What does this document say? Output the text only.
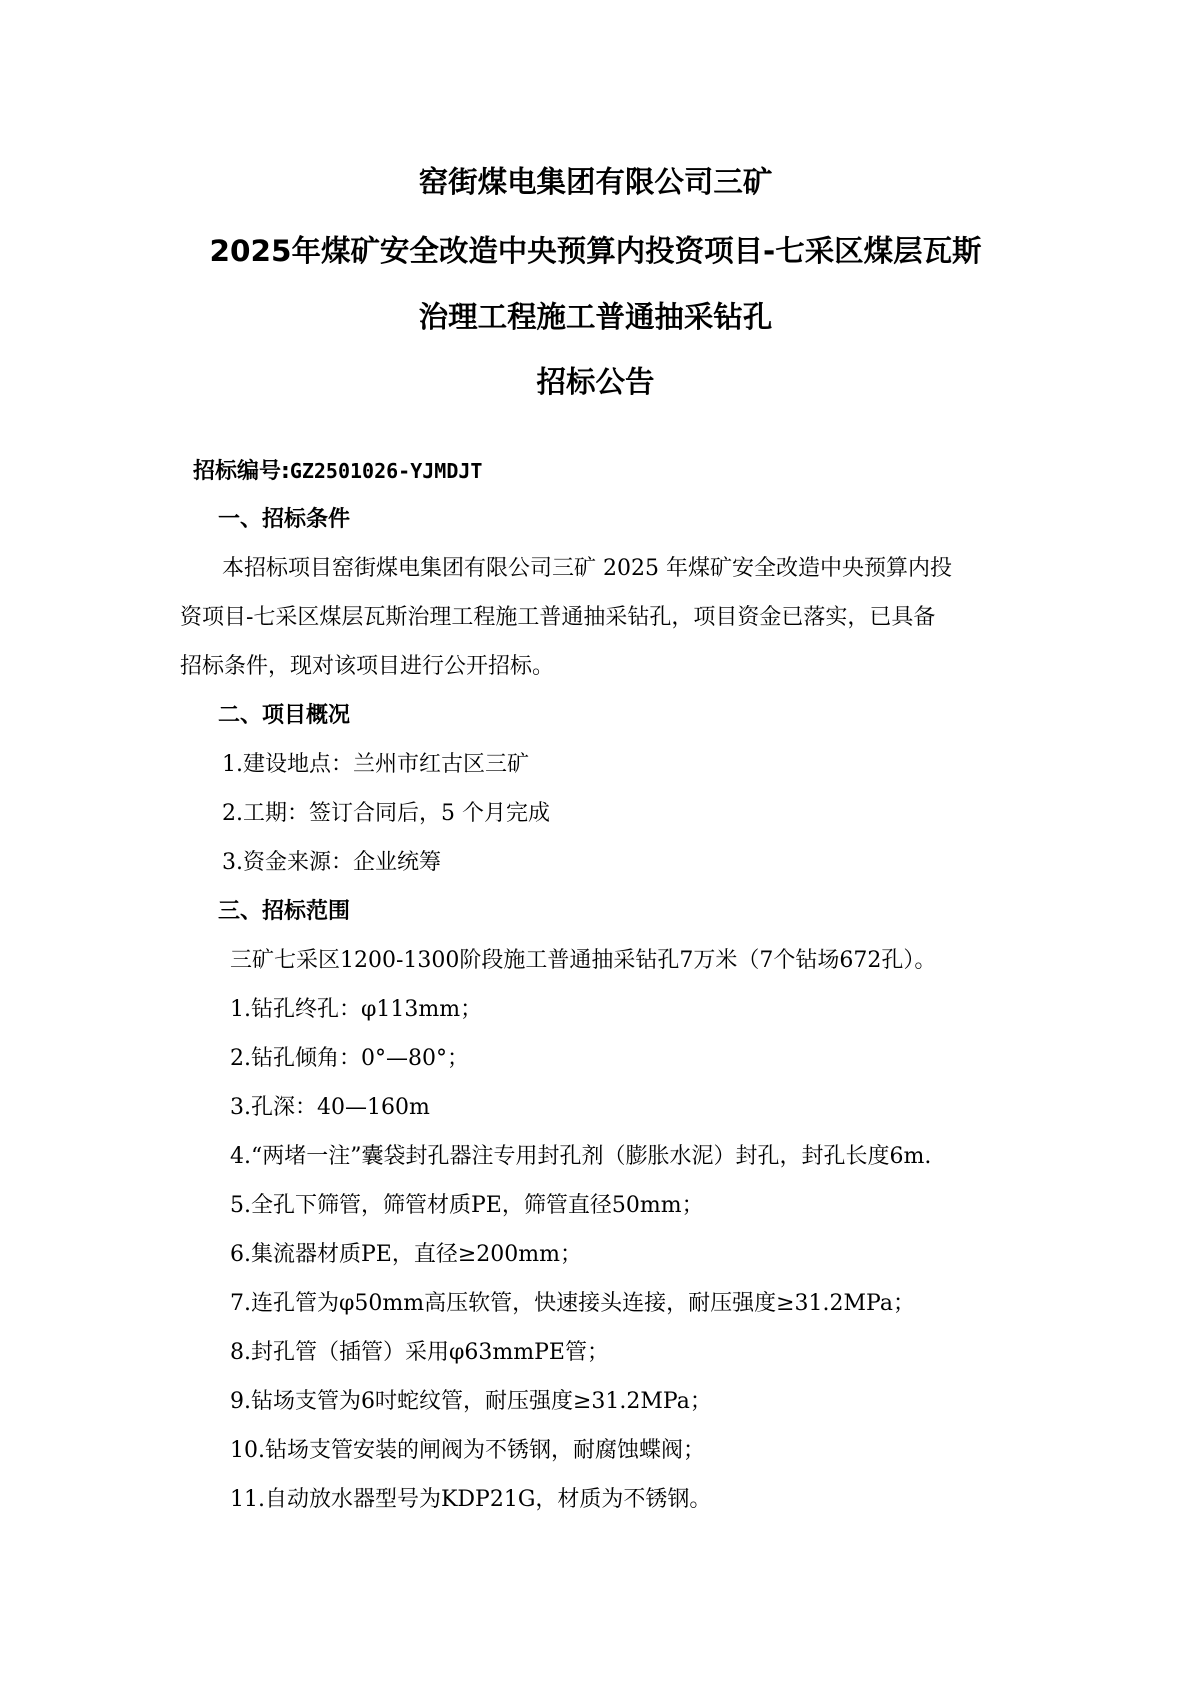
窑街煤电集团有限公司三矿
2025年煤矿安全改造中央预算内投资项目-七采区煤层瓦斯
治理工程施工普通抽采钻孔
招标公告
招标编号:GZ2501026-YJMDJT
一、招标条件
本招标项目窑街煤电集团有限公司三矿 2025 年煤矿安全改造中央预算内投
资项目-七采区煤层瓦斯治理工程施工普通抽采钻孔，项目资金已落实，已具备
招标条件，现对该项目进行公开招标。
二、项目概况
1.建设地点：兰州市红古区三矿
2.工期：签订合同后，5 个月完成
3.资金来源：企业统筹
三、招标范围
三矿七采区1200-1300阶段施工普通抽采钻孔7万米（7个钻场672孔）。
1.钻孔终孔：φ113mm；
2.钻孔倾角：0°—80°；
3.孔深：40—160m
4.“两堵一注”囊袋封孔器注专用封孔剂（膨胀水泥）封孔，封孔长度6m.
5.全孔下筛管，筛管材质PE，筛管直径50mm；
6.集流器材质PE，直径≥200mm；
7.连孔管为φ50mm高压软管，快速接头连接，耐压强度≥31.2MPa；
8.封孔管（插管）采用φ63mmPE管；
9.钻场支管为6吋蛇纹管，耐压强度≥31.2MPa；
10.钻场支管安装的闸阀为不锈钢，耐腐蚀蝶阀；
11.自动放水器型号为KDP21G，材质为不锈钢。
